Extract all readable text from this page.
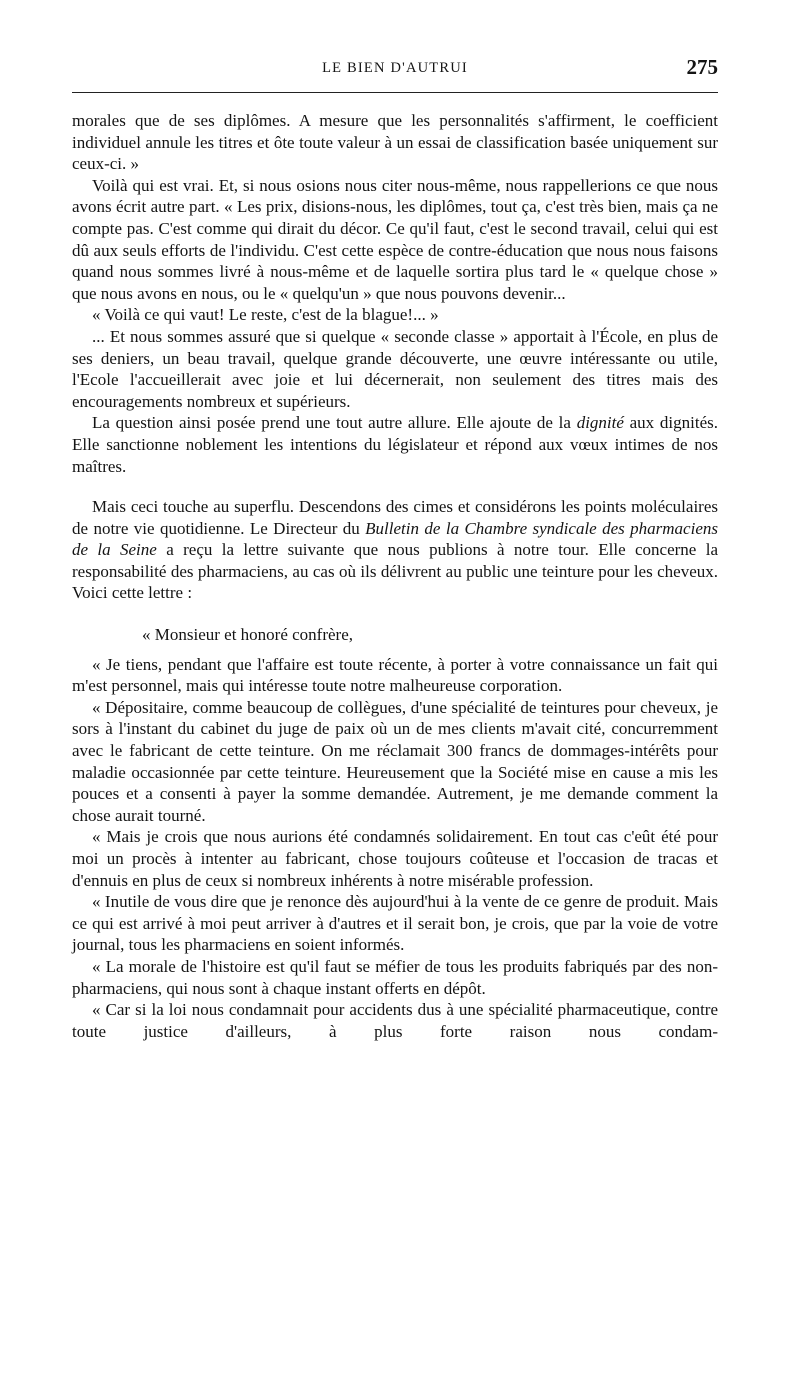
LE BIEN D'AUTRUI	275

morales que de ses diplômes. A mesure que les personnalités s'affirment, le coefficient individuel annule les titres et ôte toute valeur à un essai de classification basée uniquement sur ceux-ci. »

Voilà qui est vrai. Et, si nous osions nous citer nous-même, nous rappellerions ce que nous avons écrit autre part. « Les prix, disions-nous, les diplômes, tout ça, c'est très bien, mais ça ne compte pas. C'est comme qui dirait du décor. Ce qu'il faut, c'est le second travail, celui qui est dû aux seuls efforts de l'individu. C'est cette espèce de contre-éducation que nous nous faisons quand nous sommes livré à nous-même et de laquelle sortira plus tard le « quelque chose » que nous avons en nous, ou le « quelqu'un » que nous pouvons devenir...

« Voilà ce qui vaut! Le reste, c'est de la blague!... »

... Et nous sommes assuré que si quelque « seconde classe » apportait à l'École, en plus de ses deniers, un beau travail, quelque grande découverte, une œuvre intéressante ou utile, l'Ecole l'accueillerait avec joie et lui décernerait, non seulement des titres mais des encouragements nombreux et supérieurs.

La question ainsi posée prend une tout autre allure. Elle ajoute de la dignité aux dignités. Elle sanctionne noblement les intentions du législateur et répond aux vœux intimes de nos maîtres.

Mais ceci touche au superflu. Descendons des cimes et considérons les points moléculaires de notre vie quotidienne. Le Directeur du Bulletin de la Chambre syndicale des pharmaciens de la Seine a reçu la lettre suivante que nous publions à notre tour. Elle concerne la responsabilité des pharmaciens, au cas où ils délivrent au public une teinture pour les cheveux. Voici cette lettre :

« Monsieur et honoré confrère,

« Je tiens, pendant que l'affaire est toute récente, à porter à votre connaissance un fait qui m'est personnel, mais qui intéresse toute notre malheureuse corporation.

« Dépositaire, comme beaucoup de collègues, d'une spécialité de teintures pour cheveux, je sors à l'instant du cabinet du juge de paix où un de mes clients m'avait cité, concurremment avec le fabricant de cette teinture. On me réclamait 300 francs de dommages-intérêts pour maladie occasionnée par cette teinture. Heureusement que la Société mise en cause a mis les pouces et a consenti à payer la somme demandée. Autrement, je me demande comment la chose aurait tourné.

« Mais je crois que nous aurions été condamnés solidairement. En tout cas c'eût été pour moi un procès à intenter au fabricant, chose toujours coûteuse et l'occasion de tracas et d'ennuis en plus de ceux si nombreux inhérents à notre misérable profession.

« Inutile de vous dire que je renonce dès aujourd'hui à la vente de ce genre de produit. Mais ce qui est arrivé à moi peut arriver à d'autres et il serait bon, je crois, que par la voie de votre journal, tous les pharmaciens en soient informés.

« La morale de l'histoire est qu'il faut se méfier de tous les produits fabriqués par des non-pharmaciens, qui nous sont à chaque instant offerts en dépôt.

« Car si la loi nous condamnait pour accidents dus à une spécialité pharmaceutique, contre toute justice d'ailleurs, à plus forte raison nous condam-
